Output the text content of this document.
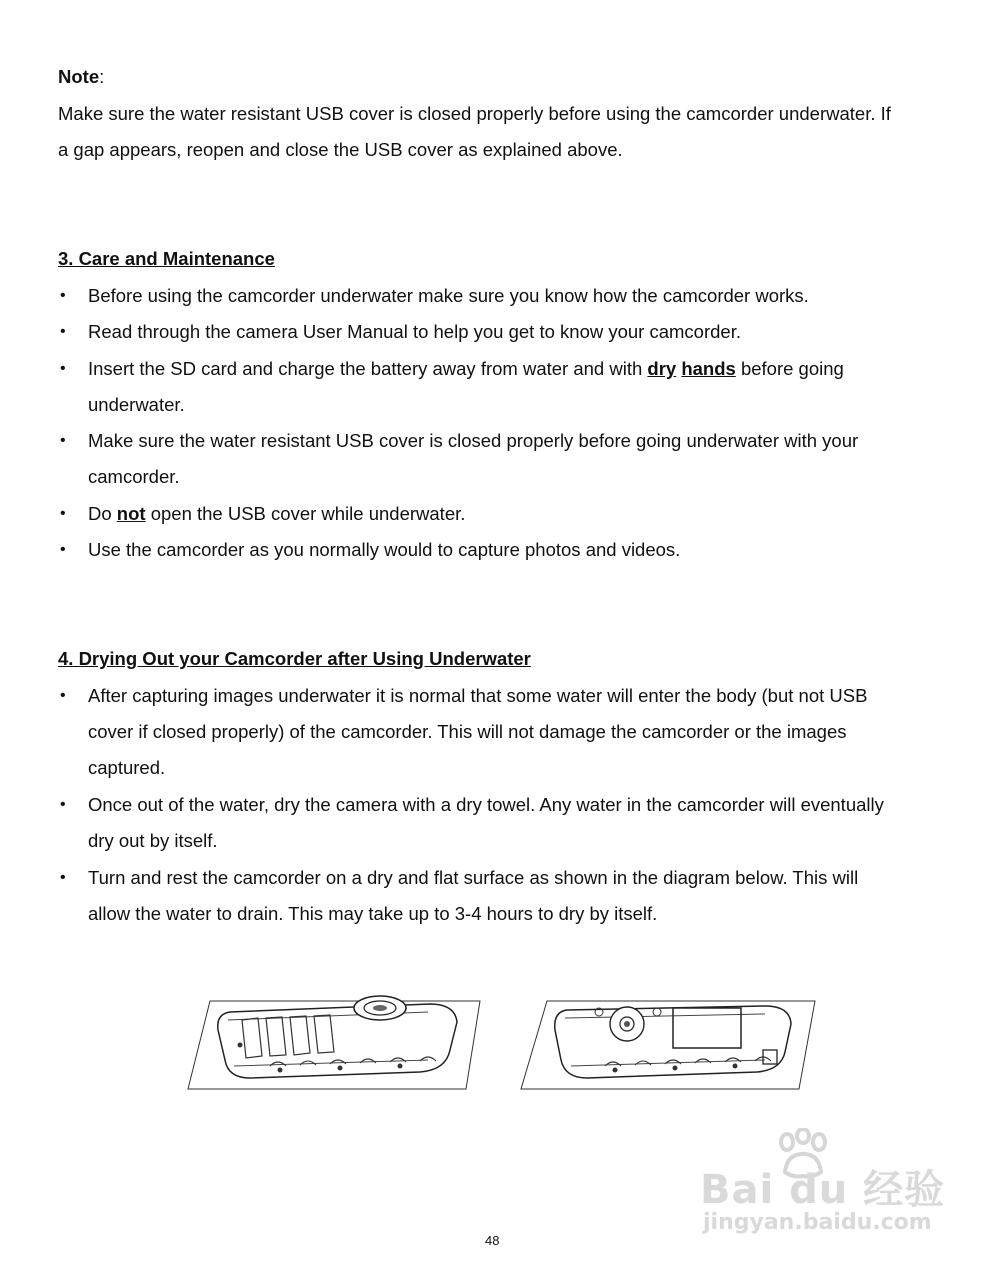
Note:
Make sure the water resistant USB cover is closed properly before using the camcorder underwater. If
a gap appears, reopen and close the USB cover as explained above.
3. Care and Maintenance
• Before using the camcorder underwater make sure you know how the camcorder works.
• Read through the camera User Manual to help you get to know your camcorder.
• Insert the SD card and charge the battery away from water and with dry hands before going
underwater.
• Make sure the water resistant USB cover is closed properly before going underwater with your
camcorder.
• Do not open the USB cover while underwater.
• Use the camcorder as you normally would to capture photos and videos.
4. Drying Out your Camcorder after Using Underwater
• After capturing images underwater it is normal that some water will enter the body (but not USB
cover if closed properly) of the camcorder. This will not damage the camcorder or the images
captured.
• Once out of the water, dry the camera with a dry towel. Any water in the camcorder will eventually
dry out by itself.
• Turn and rest the camcorder on a dry and flat surface as shown in the diagram below. This will
allow the water to drain. This may take up to 3-4 hours to dry by itself.
Bai du 经验
jingyan.baidu.com
48
